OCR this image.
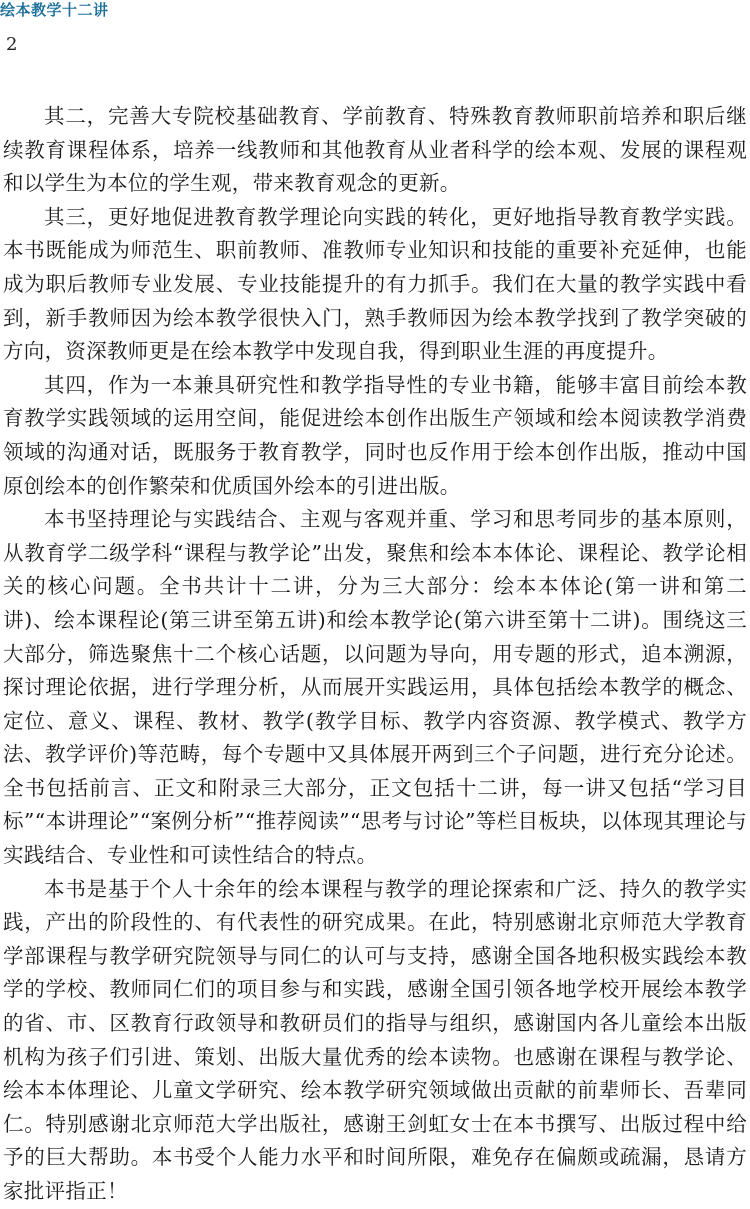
绘本教学十二讲
2

其二，完善大专院校基础教育、学前教育、特殊教育教师职前培养和职后继续教育课程体系，培养一线教师和其他教育从业者科学的绘本观、发展的课程观和以学生为本位的学生观，带来教育观念的更新。

其三，更好地促进教育教学理论向实践的转化，更好地指导教育教学实践。本书既能成为师范生、职前教师、准教师专业知识和技能的重要补充延伸，也能成为职后教师专业发展、专业技能提升的有力抓手。我们在大量的教学实践中看到，新手教师因为绘本教学很快入门，熟手教师因为绘本教学找到了教学突破的方向，资深教师更是在绘本教学中发现自我，得到职业生涯的再度提升。

其四，作为一本兼具研究性和教学指导性的专业书籍，能够丰富目前绘本教育教学实践领域的运用空间，能促进绘本创作出版生产领域和绘本阅读教学消费领域的沟通对话，既服务于教育教学，同时也反作用于绘本创作出版，推动中国原创绘本的创作繁荣和优质国外绘本的引进出版。

本书坚持理论与实践结合、主观与客观并重、学习和思考同步的基本原则，从教育学二级学科“课程与教学论”出发，聚焦和绘本本体论、课程论、教学论相关的核心问题。全书共计十二讲，分为三大部分：绘本本体论(第一讲和第二讲)、绘本课程论(第三讲至第五讲)和绘本教学论(第六讲至第十二讲)。围绕这三大部分，筛选聚焦十二个核心话题，以问题为导向，用专题的形式，追本溯源，探讨理论依据，进行学理分析，从而展开实践运用，具体包括绘本教学的概念、定位、意义、课程、教材、教学(教学目标、教学内容资源、教学模式、教学方法、教学评价)等范畴，每个专题中又具体展开两到三个子问题，进行充分论述。全书包括前言、正文和附录三大部分，正文包括十二讲，每一讲又包括“学习目标”“本讲理论”“案例分析”“推荐阅读”“思考与讨论”等栏目板块，以体现其理论与实践结合、专业性和可读性结合的特点。

本书是基于个人十余年的绘本课程与教学的理论探索和广泛、持久的教学实践，产出的阶段性的、有代表性的研究成果。在此，特别感谢北京师范大学教育学部课程与教学研究院领导与同仁的认可与支持，感谢全国各地积极实践绘本教学的学校、教师同仁们的项目参与和实践，感谢全国引领各地学校开展绘本教学的省、市、区教育行政领导和教研员们的指导与组织，感谢国内各儿童绘本出版机构为孩子们引进、策划、出版大量优秀的绘本读物。也感谢在课程与教学论、绘本本体理论、儿童文学研究、绘本教学研究领域做出贡献的前辈师长、吾辈同仁。特别感谢北京师范大学出版社，感谢王剑虹女士在本书撰写、出版过程中给予的巨大帮助。本书受个人能力水平和时间所限，难免存在偏颇或疏漏，恳请方家批评指正！
